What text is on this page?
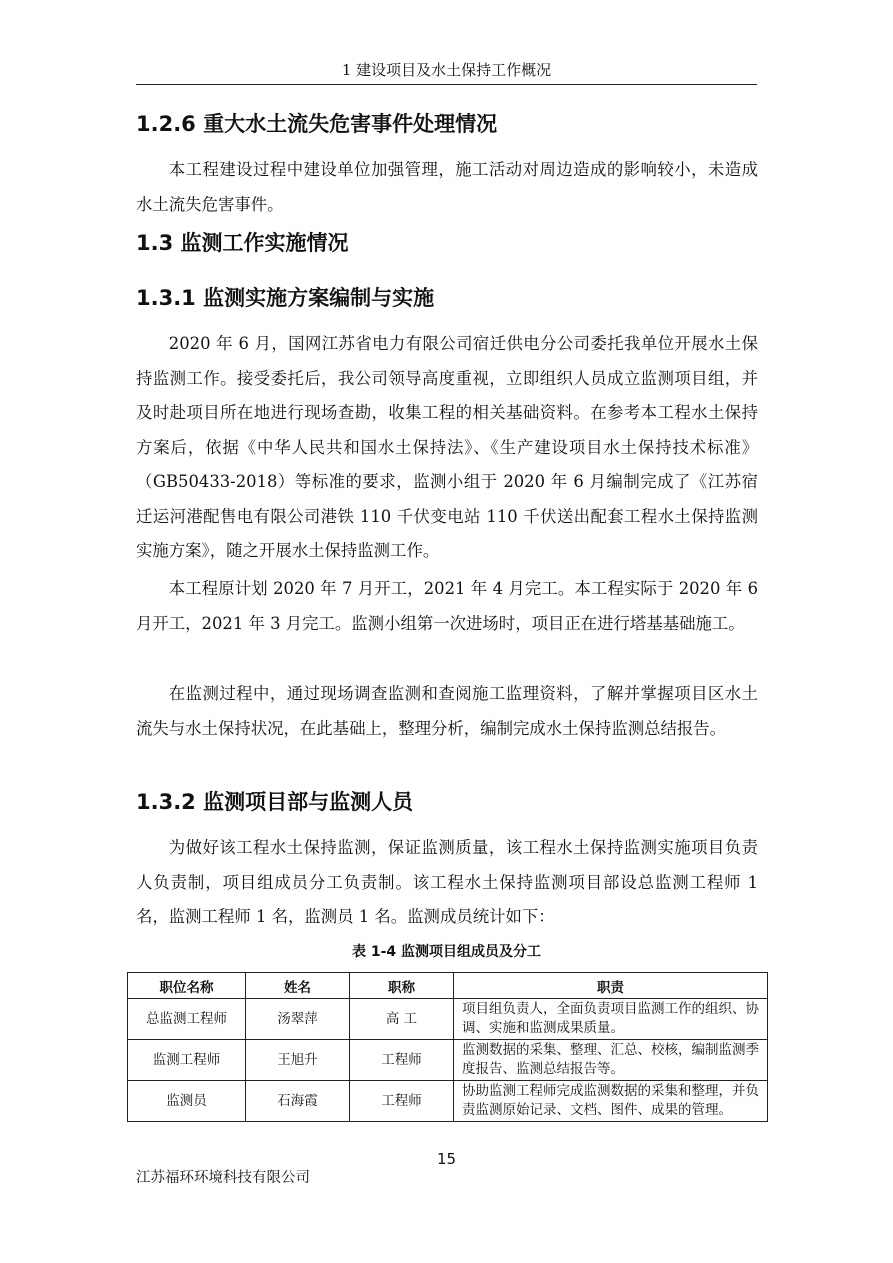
1 建设项目及水土保持工作概况
1.2.6 重大水土流失危害事件处理情况

本工程建设过程中建设单位加强管理，施工活动对周边造成的影响较小，未造成水土流失危害事件。

1.3 监测工作实施情况
1.3.1 监测实施方案编制与实施

2020 年 6 月，国网江苏省电力有限公司宿迁供电分公司委托我单位开展水土保持监测工作。接受委托后，我公司领导高度重视，立即组织人员成立监测项目组，并及时赴项目所在地进行现场查勘，收集工程的相关基础资料。在参考本工程水土保持方案后，依据《中华人民共和国水土保持法》、《生产建设项目水土保持技术标准》（GB50433-2018）等标准的要求，监测小组于 2020 年 6 月编制完成了《江苏宿迁运河港配售电有限公司港铁 110 千伏变电站 110 千伏送出配套工程水土保持监测实施方案》，随之开展水土保持监测工作。

本工程原计划 2020 年 7 月开工，2021 年 4 月完工。本工程实际于 2020 年 6 月开工，2021 年 3 月完工。监测小组第一次进场时，项目正在进行塔基基础施工。

在监测过程中，通过现场调查监测和查阅施工监理资料，了解并掌握项目区水土流失与水土保持状况，在此基础上，整理分析，编制完成水土保持监测总结报告。

1.3.2 监测项目部与监测人员

为做好该工程水土保持监测，保证监测质量，该工程水土保持监测实施项目负责人负责制，项目组成员分工负责制。该工程水土保持监测项目部设总监测工程师 1 名，监测工程师 1 名，监测员 1 名。监测成员统计如下：

表 1-4 监测项目组成员及分工
职位名称	姓名	职称	职责
总监测工程师	汤翠萍	高 工	项目组负责人，全面负责项目监测工作的组织、协调、实施和监测成果质量。
监测工程师	王旭升	工程师	监测数据的采集、整理、汇总、校核，编制监测季度报告、监测总结报告等。
监测员	石海霞	工程师	协助监测工程师完成监测数据的采集和整理，并负责监测原始记录、文档、图件、成果的管理。
15
江苏福环环境科技有限公司
